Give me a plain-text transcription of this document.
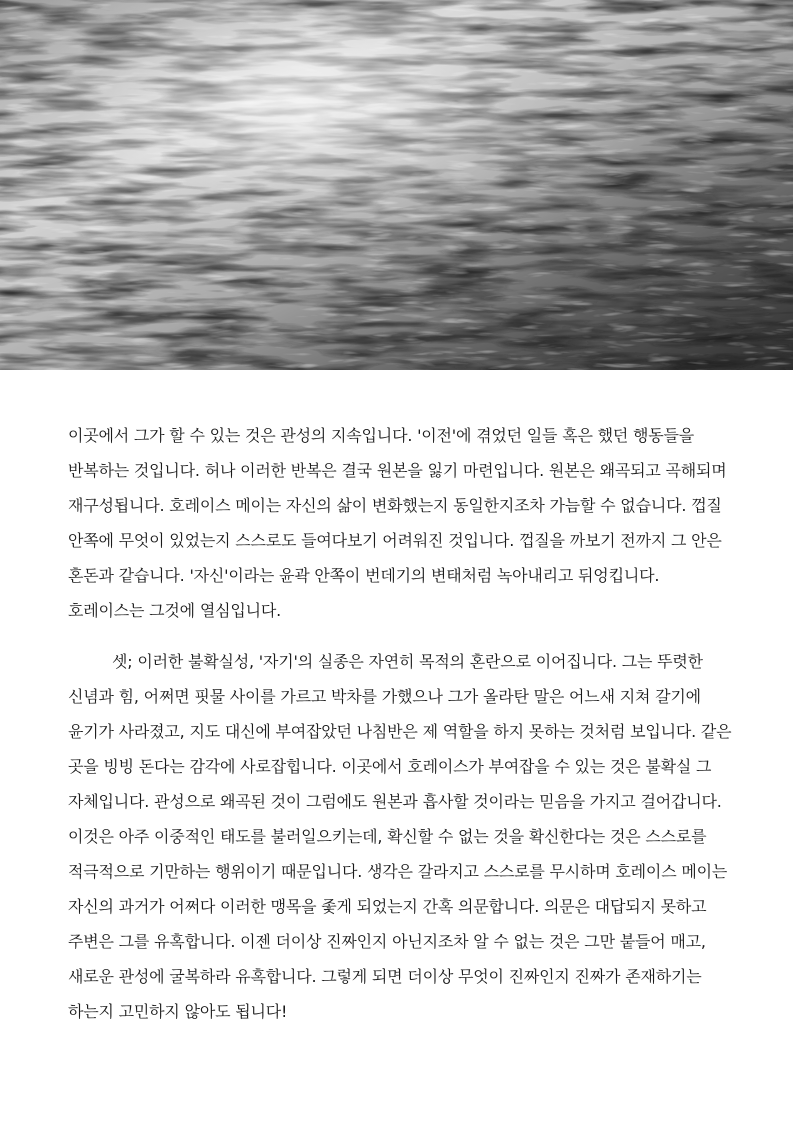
이곳에서 그가 할 수 있는 것은 관성의 지속입니다. '이전'에 겪었던 일들 혹은 했던 행동들을 반복하는 것입니다. 허나 이러한 반복은 결국 원본을 잃기 마련입니다. 원본은 왜곡되고 곡해되며 재구성됩니다. 호레이스 메이는 자신의 삶이 변화했는지 동일한지조차 가늠할 수 없습니다. 껍질 안쪽에 무엇이 있었는지 스스로도 들여다보기 어려워진 것입니다. 껍질을 까보기 전까지 그 안은 혼돈과 같습니다. '자신'이라는 윤곽 안쪽이 번데기의 변태처럼 녹아내리고 뒤엉킵니다. 호레이스는 그것에 열심입니다.

셋; 이러한 불확실성, '자기'의 실종은 자연히 목적의 혼란으로 이어집니다. 그는 뚜렷한 신념과 힘, 어쩌면 핏물 사이를 가르고 박차를 가했으나 그가 올라탄 말은 어느새 지쳐 갈기에 윤기가 사라졌고, 지도 대신에 부여잡았던 나침반은 제 역할을 하지 못하는 것처럼 보입니다. 같은 곳을 빙빙 돈다는 감각에 사로잡힙니다. 이곳에서 호레이스가 부여잡을 수 있는 것은 불확실 그 자체입니다. 관성으로 왜곡된 것이 그럼에도 원본과 흡사할 것이라는 믿음을 가지고 걸어갑니다. 이것은 아주 이중적인 태도를 불러일으키는데, 확신할 수 없는 것을 확신한다는 것은 스스로를 적극적으로 기만하는 행위이기 때문입니다. 생각은 갈라지고 스스로를 무시하며 호레이스 메이는 자신의 과거가 어쩌다 이러한 맹목을 좇게 되었는지 간혹 의문합니다. 의문은 대답되지 못하고 주변은 그를 유혹합니다. 이젠 더이상 진짜인지 아닌지조차 알 수 없는 것은 그만 붙들어 매고, 새로운 관성에 굴복하라 유혹합니다. 그렇게 되면 더이상 무엇이 진짜인지 진짜가 존재하기는 하는지 고민하지 않아도 됩니다!
